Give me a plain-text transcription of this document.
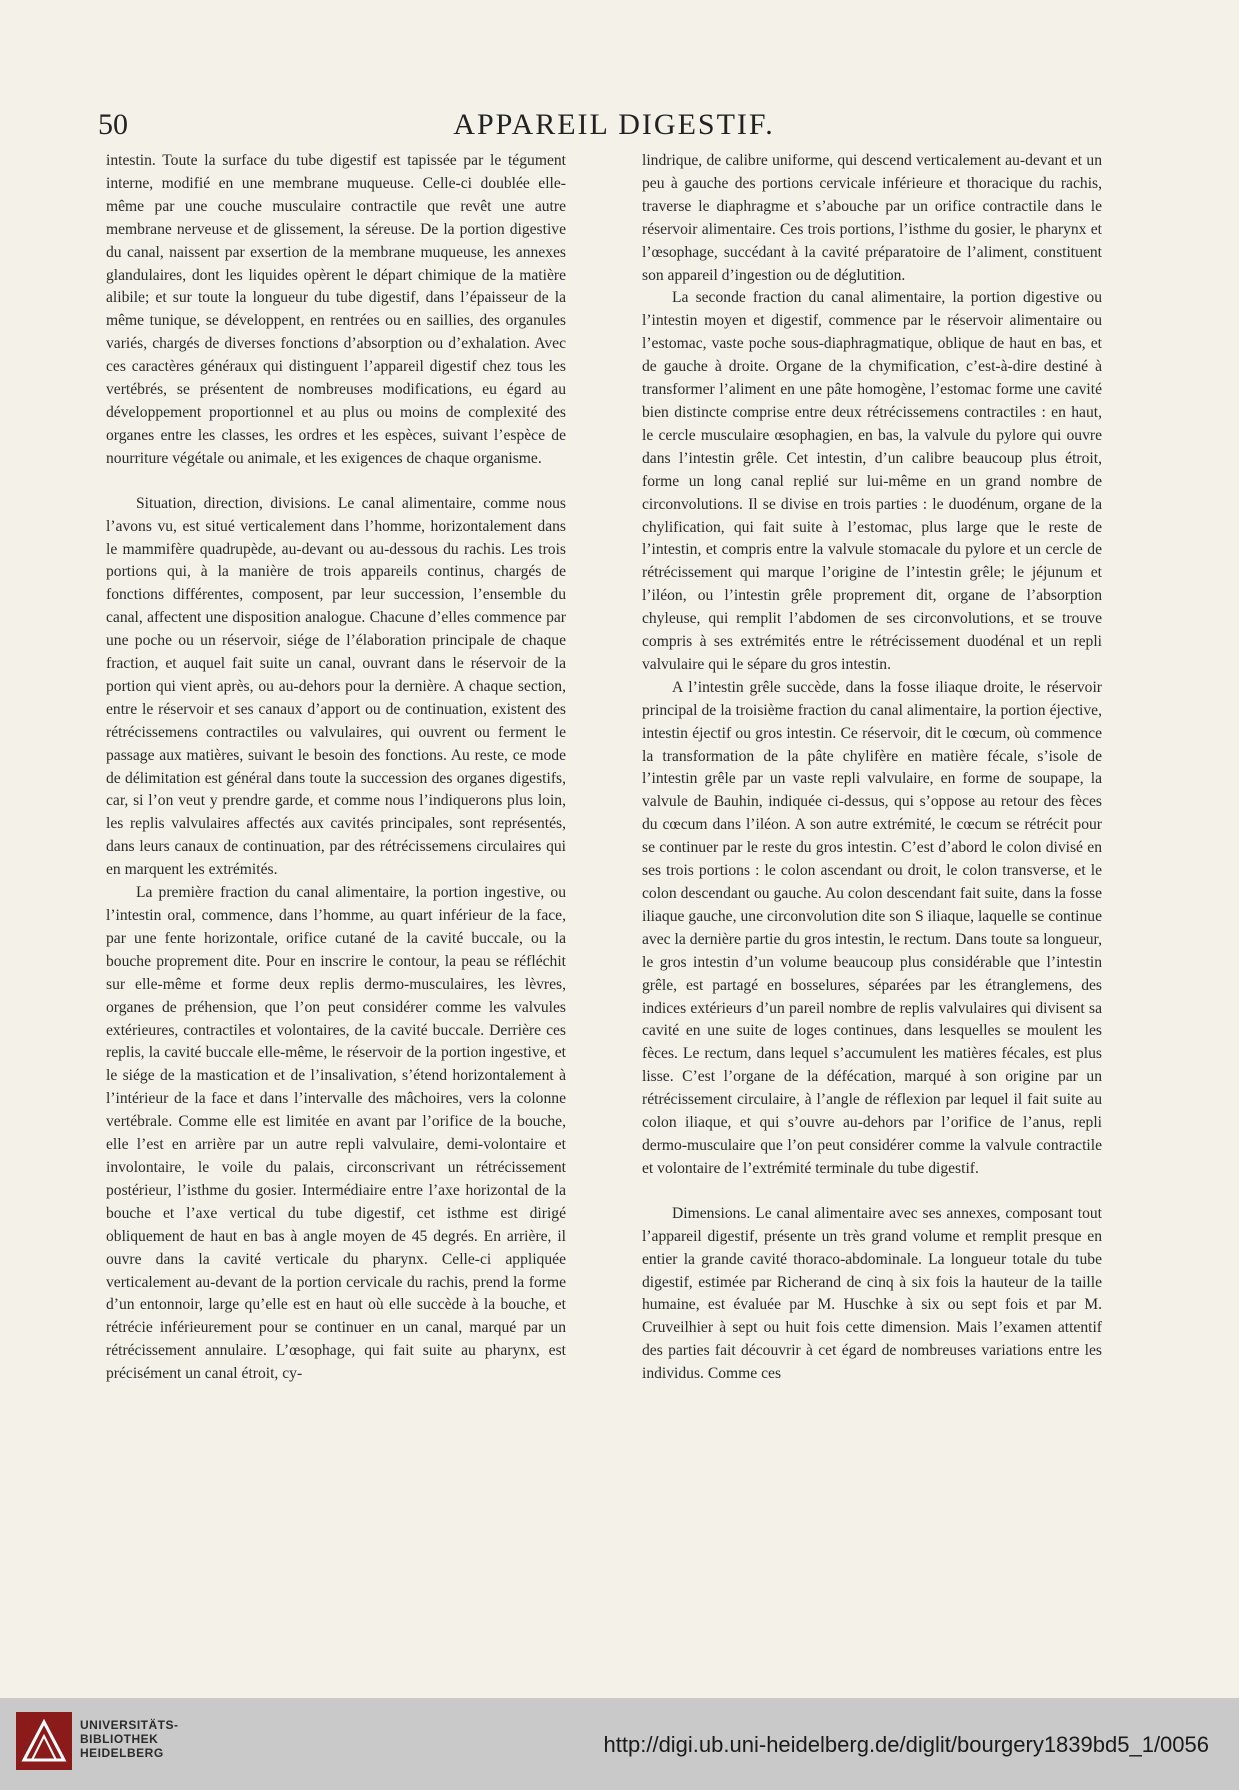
50	APPAREIL DIGESTIF.

intestin. Toute la surface du tube digestif est tapissée par le tégument interne, modifié en une membrane muqueuse. Celle-ci doublée elle-même par une couche musculaire contractile que revêt une autre membrane nerveuse et de glissement, la séreuse. De la portion digestive du canal, naissent par exsertion de la membrane muqueuse, les annexes glandulaires, dont les liquides opèrent le départ chimique de la matière alibile; et sur toute la longueur du tube digestif, dans l’épaisseur de la même tunique, se développent, en rentrées ou en saillies, des organules variés, chargés de diverses fonctions d’absorption ou d’exhalation. Avec ces caractères généraux qui distinguent l’appareil digestif chez tous les vertébrés, se présentent de nombreuses modifications, eu égard au développement proportionnel et au plus ou moins de complexité des organes entre les classes, les ordres et les espèces, suivant l’espèce de nourriture végétale ou animale, et les exigences de chaque organisme.

Situation, direction, divisions. Le canal alimentaire, comme nous l’avons vu, est situé verticalement dans l’homme, horizontalement dans le mammifère quadrupède, au-devant ou au-dessous du rachis. Les trois portions qui, à la manière de trois appareils continus, chargés de fonctions différentes, composent, par leur succession, l’ensemble du canal, affectent une disposition analogue. Chacune d’elles commence par une poche ou un réservoir, siége de l’élaboration principale de chaque fraction, et auquel fait suite un canal, ouvrant dans le réservoir de la portion qui vient après, ou au-dehors pour la dernière. A chaque section, entre le réservoir et ses canaux d’apport ou de continuation, existent des rétrécissemens contractiles ou valvulaires, qui ouvrent ou ferment le passage aux matières, suivant le besoin des fonctions. Au reste, ce mode de délimitation est général dans toute la succession des organes digestifs, car, si l’on veut y prendre garde, et comme nous l’indiquerons plus loin, les replis valvulaires affectés aux cavités principales, sont représentés, dans leurs canaux de continuation, par des rétrécissemens circulaires qui en marquent les extrémités.

La première fraction du canal alimentaire, la portion ingestive, ou l’intestin oral, commence, dans l’homme, au quart inférieur de la face, par une fente horizontale, orifice cutané de la cavité buccale, ou la bouche proprement dite. Pour en inscrire le contour, la peau se réfléchit sur elle-même et forme deux replis dermo-musculaires, les lèvres, organes de préhension, que l’on peut considérer comme les valvules extérieures, contractiles et volontaires, de la cavité buccale. Derrière ces replis, la cavité buccale elle-même, le réservoir de la portion ingestive, et le siége de la mastication et de l’insalivation, s’étend horizontalement à l’intérieur de la face et dans l’intervalle des mâchoires, vers la colonne vertébrale. Comme elle est limitée en avant par l’orifice de la bouche, elle l’est en arrière par un autre repli valvulaire, demi-volontaire et involontaire, le voile du palais, circonscrivant un rétrécissement postérieur, l’isthme du gosier. Intermédiaire entre l’axe horizontal de la bouche et l’axe vertical du tube digestif, cet isthme est dirigé obliquement de haut en bas à angle moyen de 45 degrés. En arrière, il ouvre dans la cavité verticale du pharynx. Celle-ci appliquée verticalement au-devant de la portion cervicale du rachis, prend la forme d’un entonnoir, large qu’elle est en haut où elle succède à la bouche, et rétrécie inférieurement pour se continuer en un canal, marqué par un rétrécissement annulaire. L’œsophage, qui fait suite au pharynx, est précisément un canal étroit, cy-

lindrique, de calibre uniforme, qui descend verticalement au-devant et un peu à gauche des portions cervicale inférieure et thoracique du rachis, traverse le diaphragme et s’abouche par un orifice contractile dans le réservoir alimentaire. Ces trois portions, l’isthme du gosier, le pharynx et l’œsophage, succédant à la cavité préparatoire de l’aliment, constituent son appareil d’ingestion ou de déglutition.

La seconde fraction du canal alimentaire, la portion digestive ou l’intestin moyen et digestif, commence par le réservoir alimentaire ou l’estomac, vaste poche sous-diaphragmatique, oblique de haut en bas, et de gauche à droite. Organe de la chymification, c’est-à-dire destiné à transformer l’aliment en une pâte homogène, l’estomac forme une cavité bien distincte comprise entre deux rétrécissemens contractiles : en haut, le cercle musculaire œsophagien, en bas, la valvule du pylore qui ouvre dans l’intestin grêle. Cet intestin, d’un calibre beaucoup plus étroit, forme un long canal replié sur lui-même en un grand nombre de circonvolutions. Il se divise en trois parties : le duodénum, organe de la chylification, qui fait suite à l’estomac, plus large que le reste de l’intestin, et compris entre la valvule stomacale du pylore et un cercle de rétrécissement qui marque l’origine de l’intestin grêle; le jéjunum et l’iléon, ou l’intestin grêle proprement dit, organe de l’absorption chyleuse, qui remplit l’abdomen de ses circonvolutions, et se trouve compris à ses extrémités entre le rétrécissement duodénal et un repli valvulaire qui le sépare du gros intestin.

A l’intestin grêle succède, dans la fosse iliaque droite, le réservoir principal de la troisième fraction du canal alimentaire, la portion éjective, intestin éjectif ou gros intestin. Ce réservoir, dit le cœcum, où commence la transformation de la pâte chylifère en matière fécale, s’isole de l’intestin grêle par un vaste repli valvulaire, en forme de soupape, la valvule de Bauhin, indiquée ci-dessus, qui s’oppose au retour des fèces du cœcum dans l’iléon. A son autre extrémité, le cœcum se rétrécit pour se continuer par le reste du gros intestin. C’est d’abord le colon divisé en ses trois portions : le colon ascendant ou droit, le colon transverse, et le colon descendant ou gauche. Au colon descendant fait suite, dans la fosse iliaque gauche, une circonvolution dite son S iliaque, laquelle se continue avec la dernière partie du gros intestin, le rectum. Dans toute sa longueur, le gros intestin d’un volume beaucoup plus considérable que l’intestin grêle, est partagé en bosselures, séparées par les étranglemens, des indices extérieurs d’un pareil nombre de replis valvulaires qui divisent sa cavité en une suite de loges continues, dans lesquelles se moulent les fèces. Le rectum, dans lequel s’accumulent les matières fécales, est plus lisse. C’est l’organe de la défécation, marqué à son origine par un rétrécissement circulaire, à l’angle de réflexion par lequel il fait suite au colon iliaque, et qui s’ouvre au-dehors par l’orifice de l’anus, repli dermo-musculaire que l’on peut considérer comme la valvule contractile et volontaire de l’extrémité terminale du tube digestif.

Dimensions. Le canal alimentaire avec ses annexes, composant tout l’appareil digestif, présente un très grand volume et remplit presque en entier la grande cavité thoraco-abdominale. La longueur totale du tube digestif, estimée par Richerand de cinq à six fois la hauteur de la taille humaine, est évaluée par M. Huschke à six ou sept fois et par M. Cruveilhier à sept ou huit fois cette dimension. Mais l’examen attentif des parties fait découvrir à cet égard de nombreuses variations entre les individus. Comme ces

UNIVERSITÄTS-
BIBLIOTHEK
HEIDELBERG	http://digi.ub.uni-heidelberg.de/diglit/bourgery1839bd5_1/0056
